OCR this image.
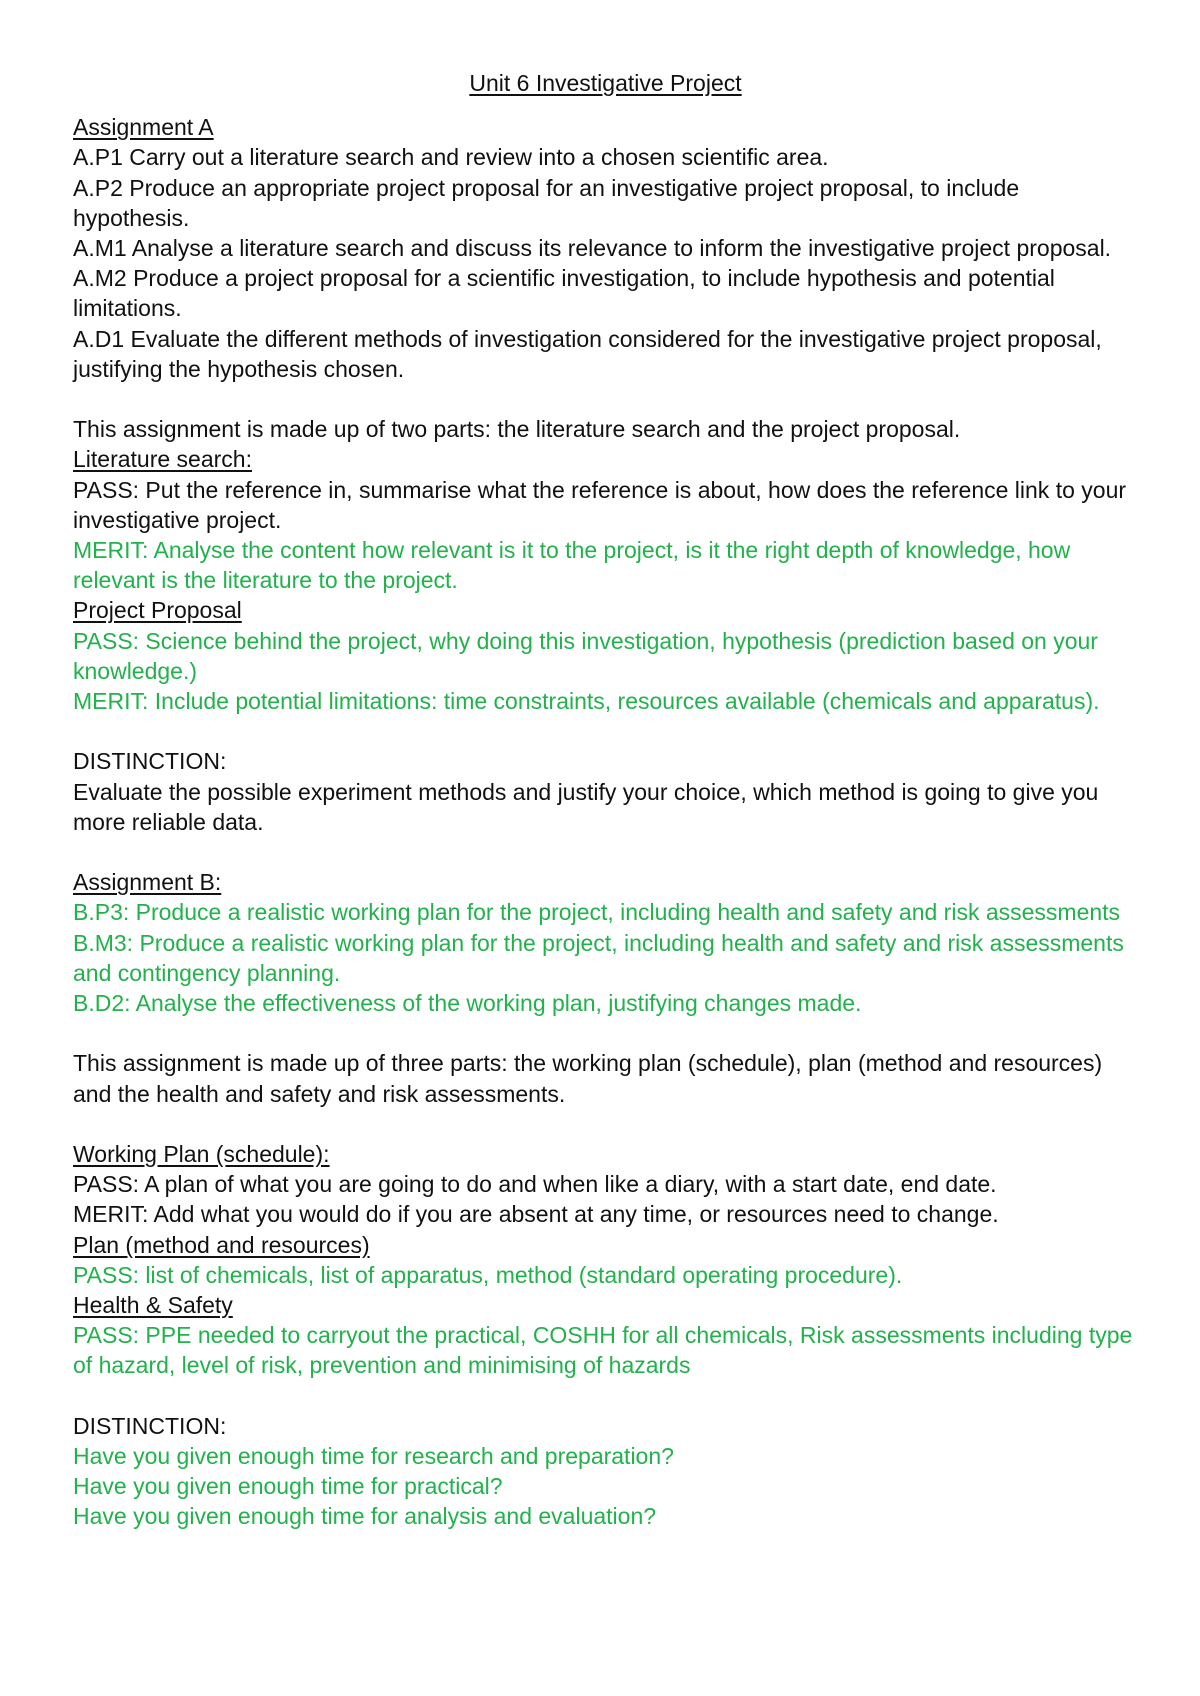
Unit 6 Investigative Project

Assignment A

A.P1 Carry out a literature search and review into a chosen scientific area.

A.P2 Produce an appropriate project proposal for an investigative project proposal, to include hypothesis.

A.M1 Analyse a literature search and discuss its relevance to inform the investigative project proposal.

A.M2 Produce a project proposal for a scientific investigation, to include hypothesis and potential limitations.

A.D1 Evaluate the different methods of investigation considered for the investigative project proposal, justifying the hypothesis chosen.

This assignment is made up of two parts: the literature search and the project proposal.

Literature search:

PASS: Put the reference in, summarise what the reference is about, how does the reference link to your investigative project.

MERIT: Analyse the content how relevant is it to the project, is it the right depth of knowledge, how relevant is the literature to the project.

Project Proposal

PASS: Science behind the project, why doing this investigation, hypothesis (prediction based on your knowledge.)

MERIT: Include potential limitations: time constraints, resources available (chemicals and apparatus).

DISTINCTION:

Evaluate the possible experiment methods and justify your choice, which method is going to give you more reliable data.

Assignment B:

B.P3: Produce a realistic working plan for the project, including health and safety and risk assessments

B.M3: Produce a realistic working plan for the project, including health and safety and risk assessments and contingency planning.

B.D2: Analyse the effectiveness of the working plan, justifying changes made.

This assignment is made up of three parts: the working plan (schedule), plan (method and resources) and the health and safety and risk assessments.

Working Plan (schedule):

PASS: A plan of what you are going to do and when like a diary, with a start date, end date.

MERIT: Add what you would do if you are absent at any time, or resources need to change.

Plan (method and resources)

PASS: list of chemicals, list of apparatus, method (standard operating procedure).

Health & Safety

PASS: PPE needed to carryout the practical, COSHH for all chemicals, Risk assessments including type of hazard, level of risk, prevention and minimising of hazards

DISTINCTION:

Have you given enough time for research and preparation?

Have you given enough time for practical?

Have you given enough time for analysis and evaluation?
